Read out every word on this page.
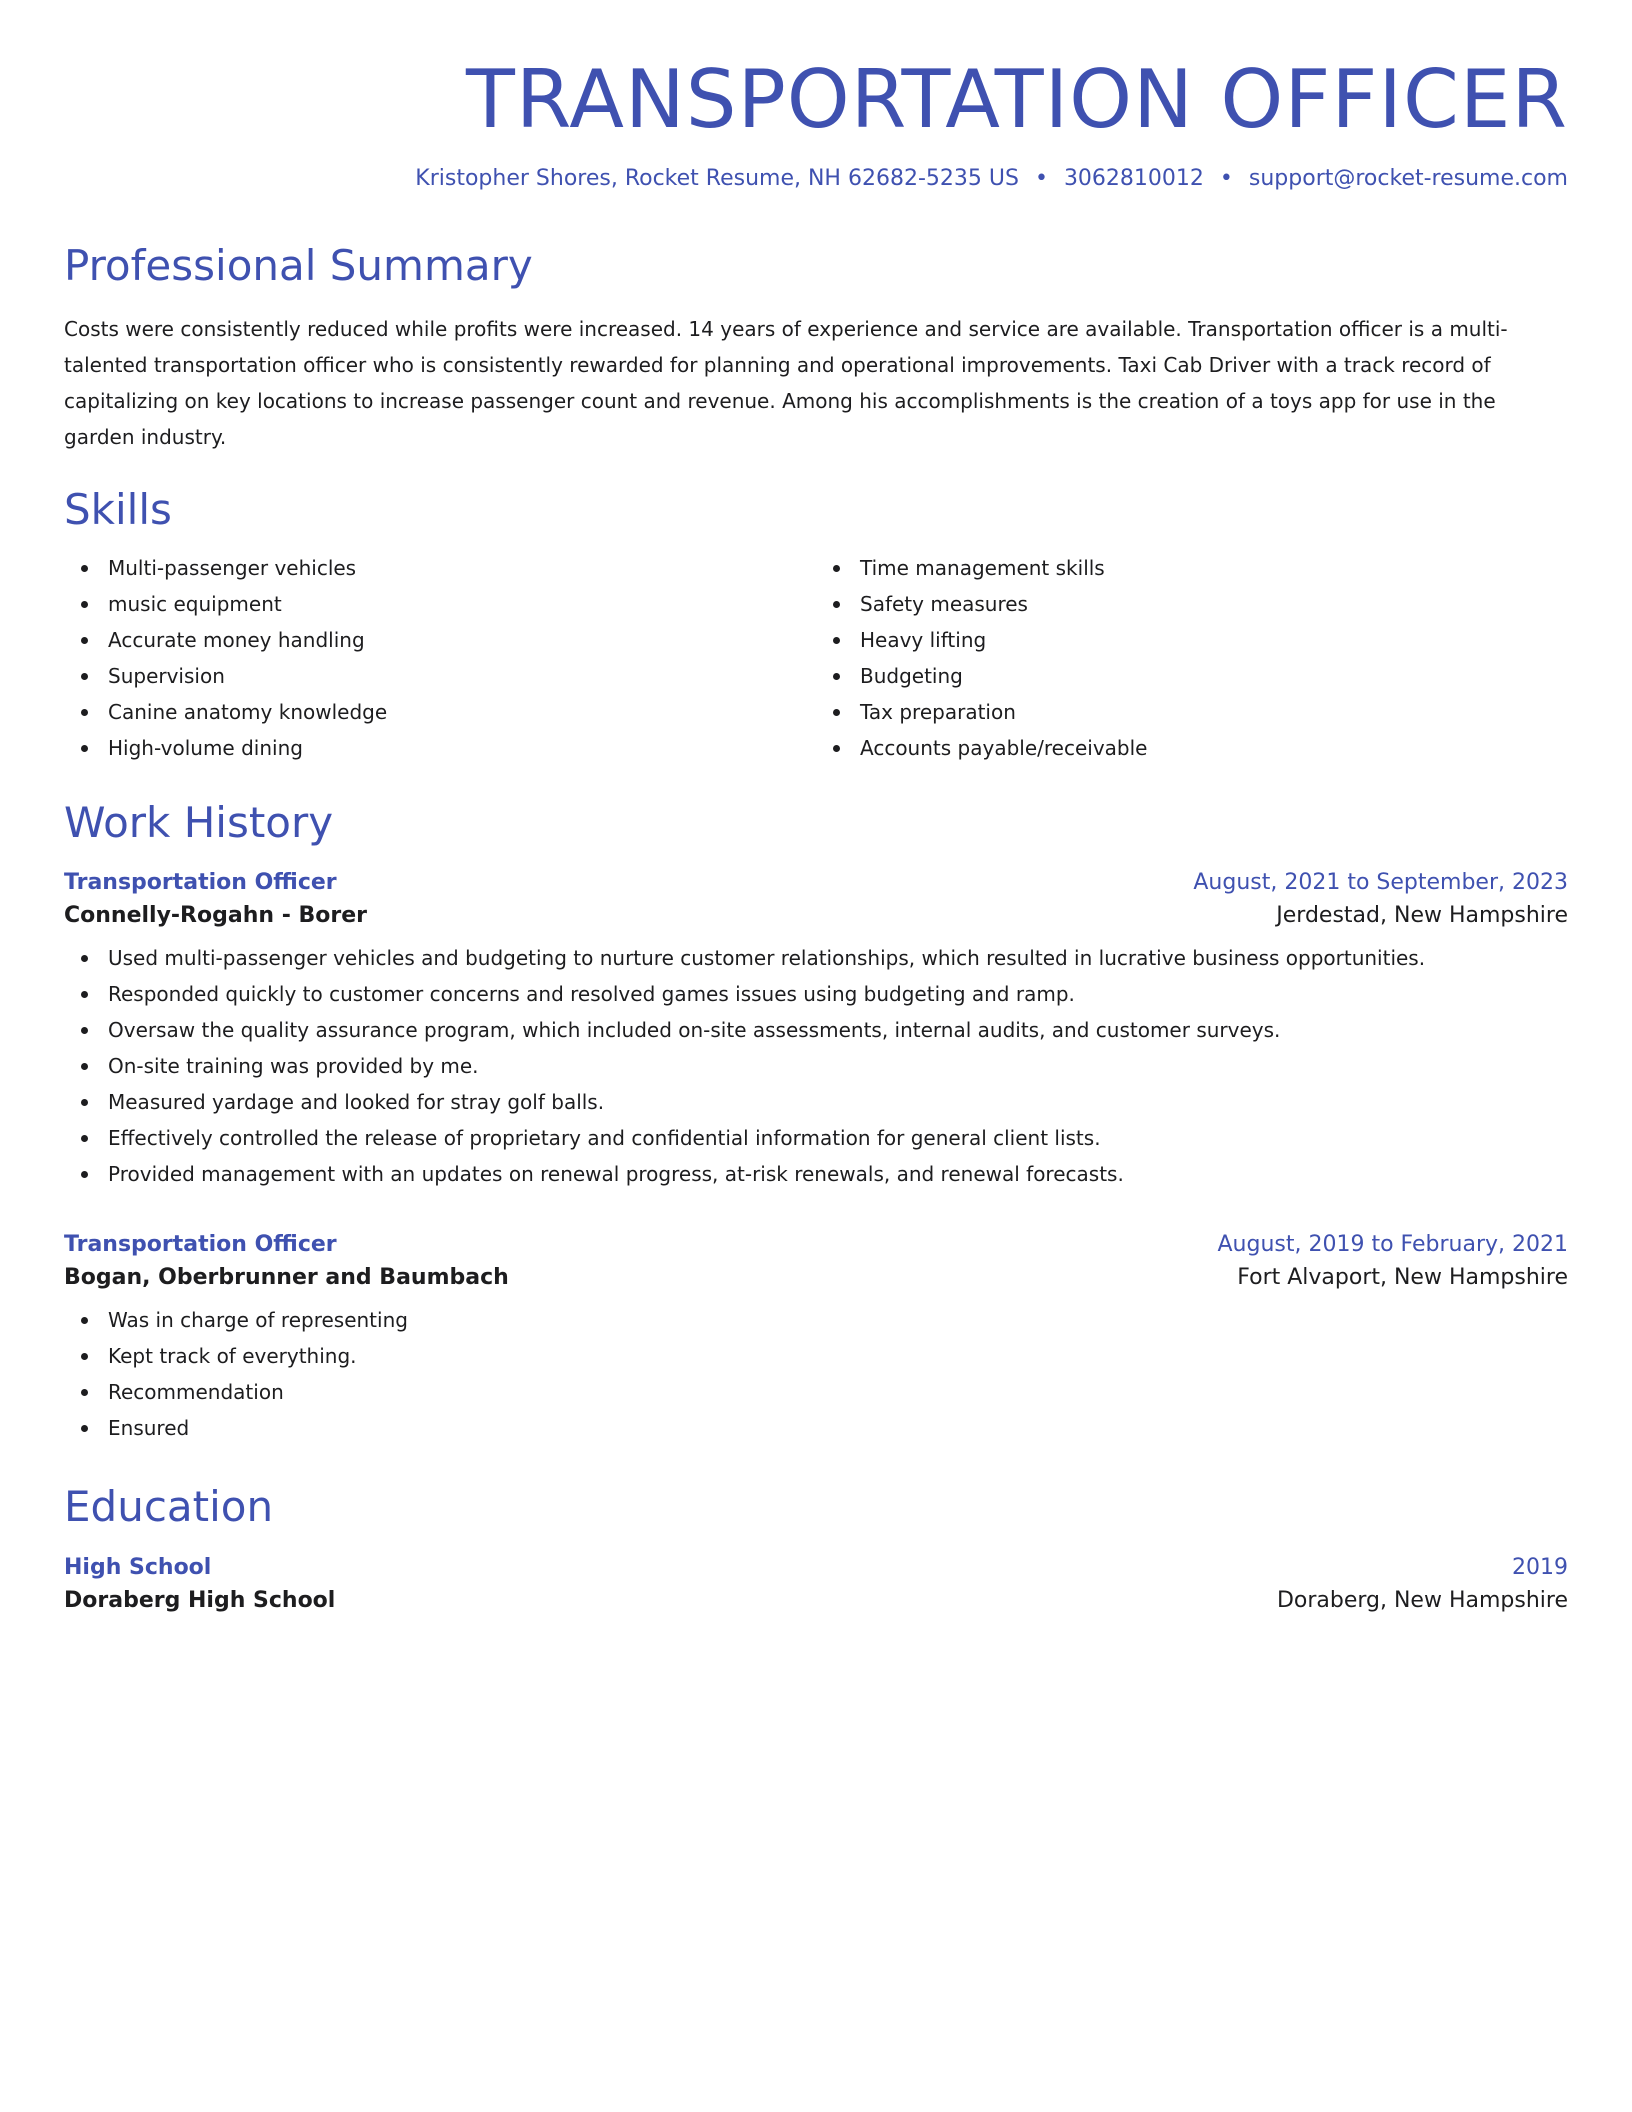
TRANSPORTATION OFFICER
Kristopher Shores, Rocket Resume, NH 62682-5235 US • 3062810012 • support@rocket-resume.com
Professional Summary

Costs were consistently reduced while profits were increased. 14 years of experience and service are available. Transportation officer is a multi-talented transportation officer who is consistently rewarded for planning and operational improvements. Taxi Cab Driver with a track record of capitalizing on key locations to increase passenger count and revenue. Among his accomplishments is the creation of a toys app for use in the garden industry.

Skills
Multi-passenger vehicles
music equipment
Accurate money handling
Supervision
Canine anatomy knowledge
High-volume dining
Time management skills
Safety measures
Heavy lifting
Budgeting
Tax preparation
Accounts payable/receivable
Work History
Transportation Officer	August, 2021 to September, 2023
Connelly-Rogahn - Borer	Jerdestad, New Hampshire
Used multi-passenger vehicles and budgeting to nurture customer relationships, which resulted in lucrative business opportunities.
Responded quickly to customer concerns and resolved games issues using budgeting and ramp.
Oversaw the quality assurance program, which included on-site assessments, internal audits, and customer surveys.
On-site training was provided by me.
Measured yardage and looked for stray golf balls.
Effectively controlled the release of proprietary and confidential information for general client lists.
Provided management with an updates on renewal progress, at-risk renewals, and renewal forecasts.
Transportation Officer	August, 2019 to February, 2021
Bogan, Oberbrunner and Baumbach	Fort Alvaport, New Hampshire
Was in charge of representing
Kept track of everything.
Recommendation
Ensured
Education
High School	2019
Doraberg High School	Doraberg, New Hampshire
